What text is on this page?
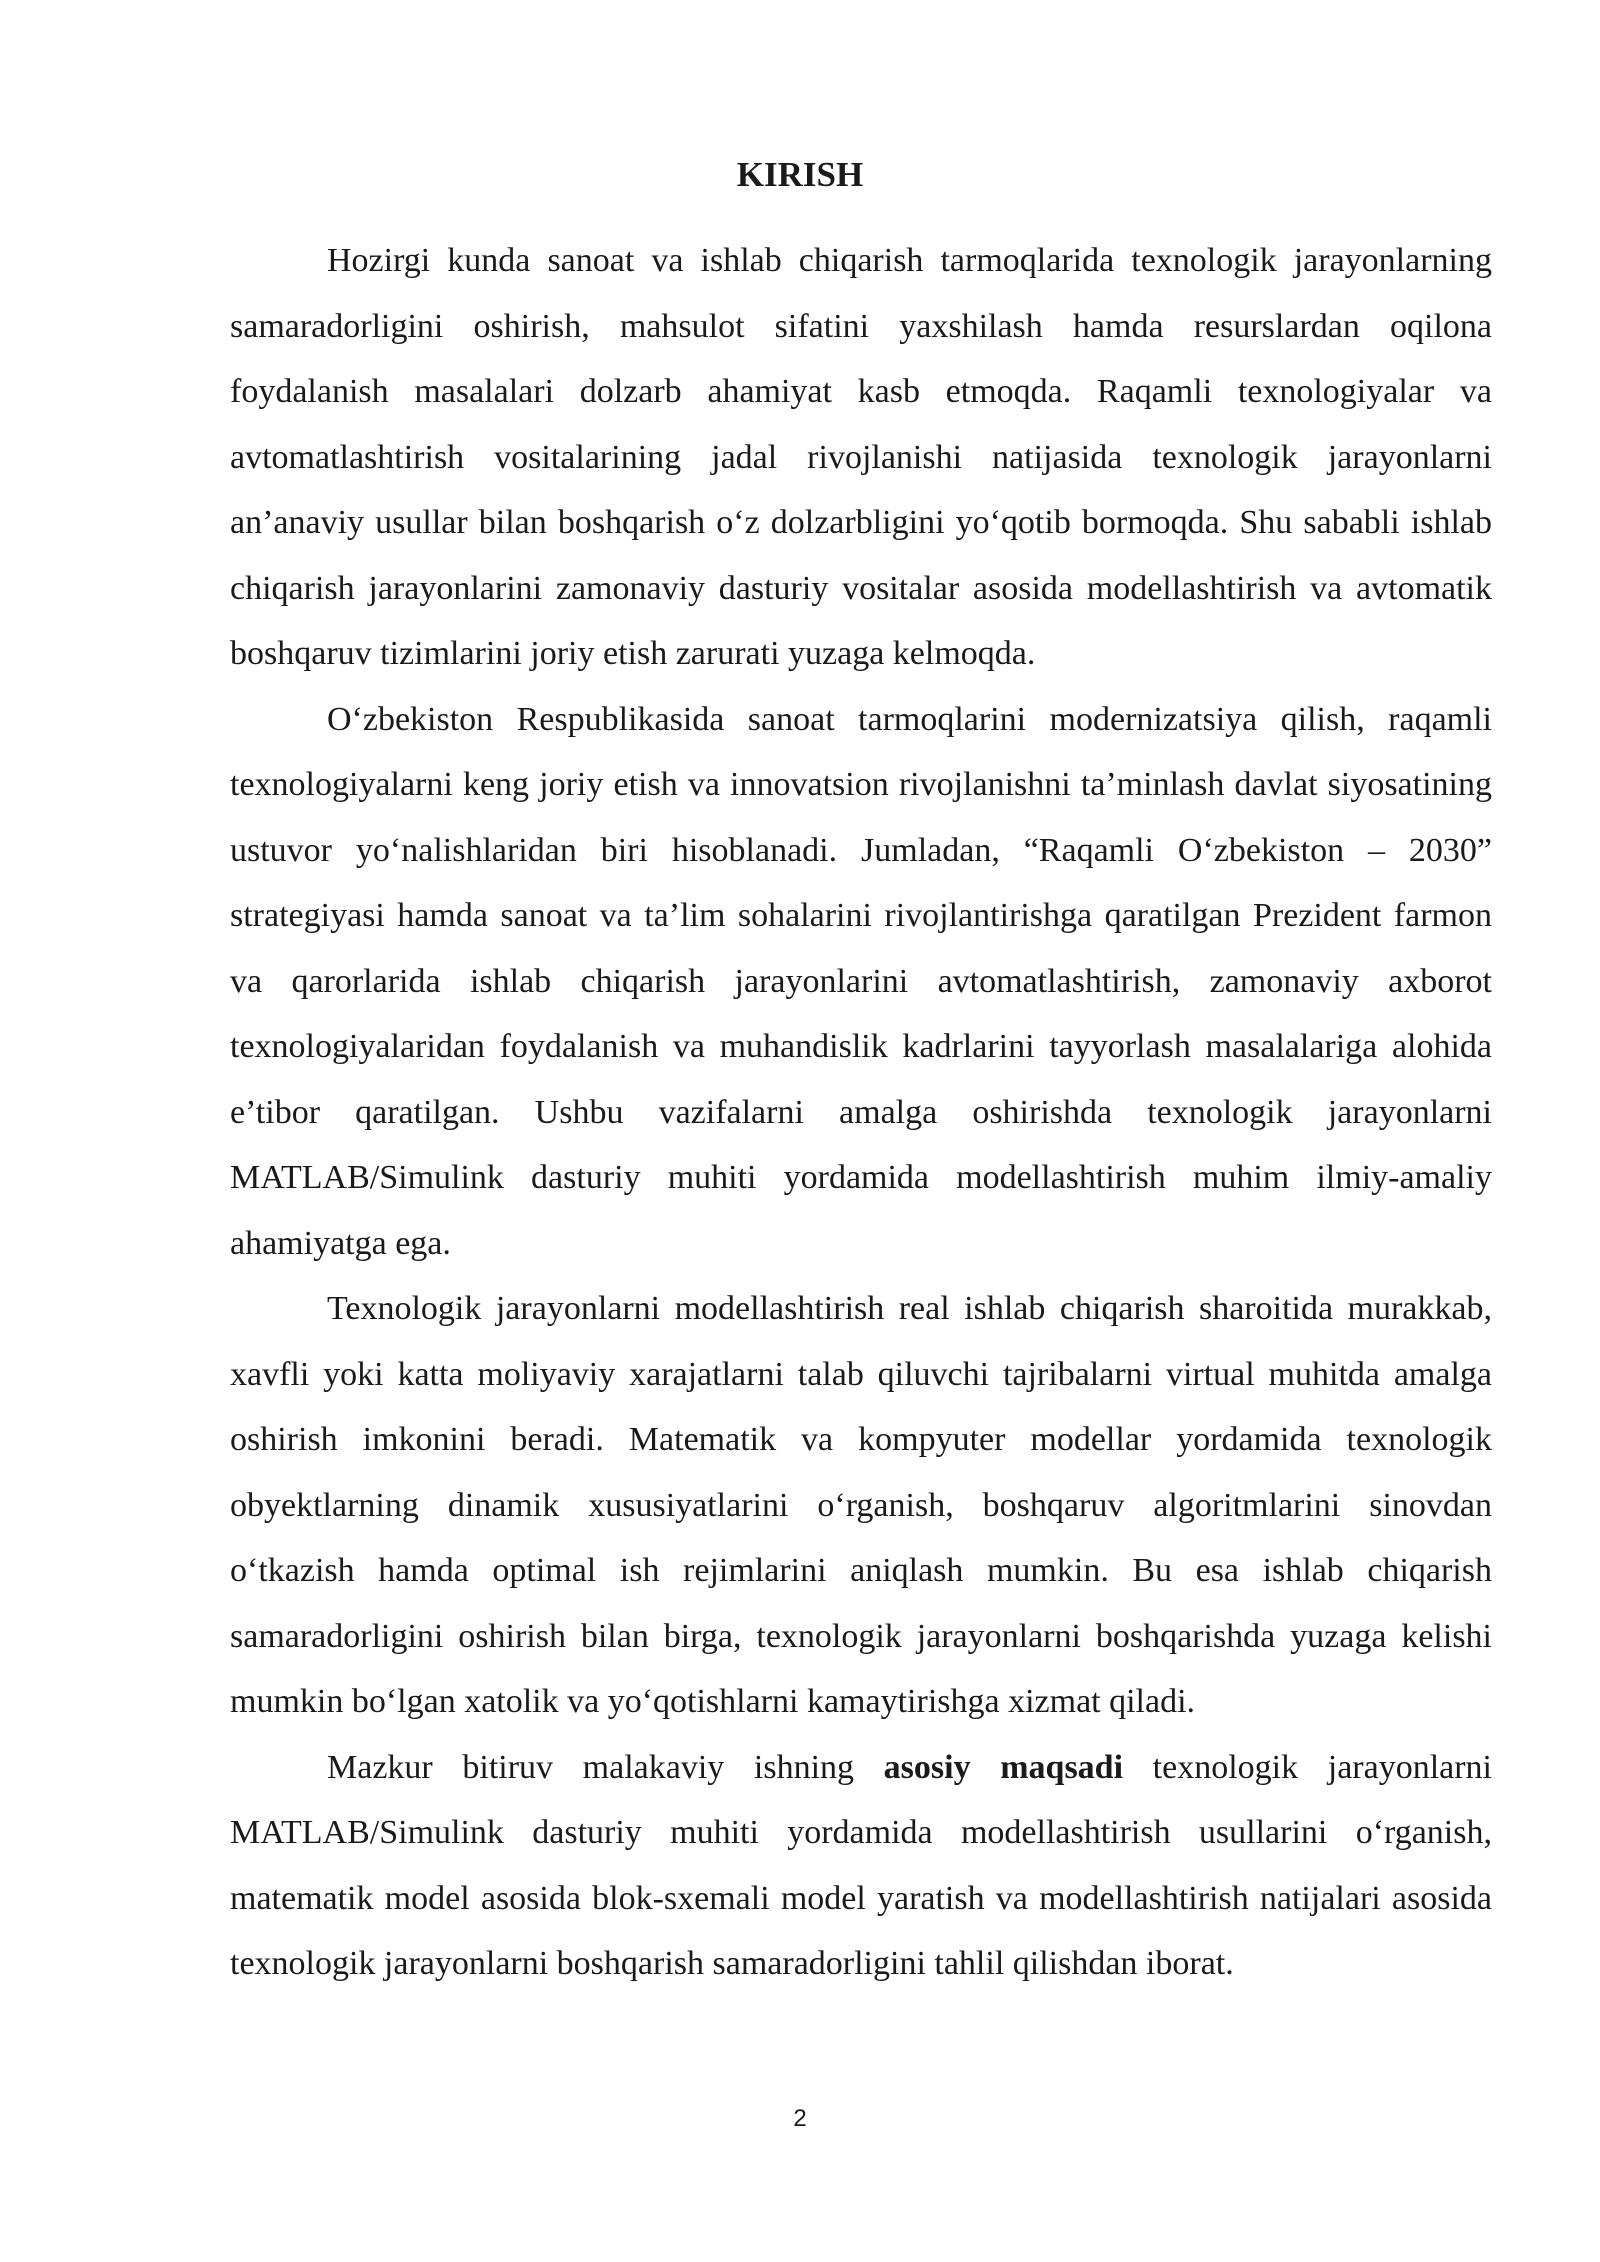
KIRISH

Hozirgi kunda sanoat va ishlab chiqarish tarmoqlarida texnologik jarayonlarning samaradorligini oshirish, mahsulot sifatini yaxshilash hamda resurslardan oqilona foydalanish masalalari dolzarb ahamiyat kasb etmoqda. Raqamli texnologiyalar va avtomatlashtirish vositalarining jadal rivojlanishi natijasida texnologik jarayonlarni an’anaviy usullar bilan boshqarish o‘z dolzarbligini yo‘qotib bormoqda. Shu sababli ishlab chiqarish jarayonlarini zamonaviy dasturiy vositalar asosida modellashtirish va avtomatik boshqaruv tizimlarini joriy etish zarurati yuzaga kelmoqda.

O‘zbekiston Respublikasida sanoat tarmoqlarini modernizatsiya qilish, raqamli texnologiyalarni keng joriy etish va innovatsion rivojlanishni ta’minlash davlat siyosatining ustuvor yo‘nalishlaridan biri hisoblanadi. Jumladan, “Raqamli O‘zbekiston – 2030” strategiyasi hamda sanoat va ta’lim sohalarini rivojlantirishga qaratilgan Prezident farmon va qarorlarida ishlab chiqarish jarayonlarini avtomatlashtirish, zamonaviy axborot texnologiyalaridan foydalanish va muhandislik kadrlarini tayyorlash masalalariga alohida e’tibor qaratilgan. Ushbu vazifalarni amalga oshirishda texnologik jarayonlarni MATLAB/Simulink dasturiy muhiti yordamida modellashtirish muhim ilmiy-amaliy ahamiyatga ega.

Texnologik jarayonlarni modellashtirish real ishlab chiqarish sharoitida murakkab, xavfli yoki katta moliyaviy xarajatlarni talab qiluvchi tajribalarni virtual muhitda amalga oshirish imkonini beradi. Matematik va kompyuter modellar yordamida texnologik obyektlarning dinamik xususiyatlarini o‘rganish, boshqaruv algoritmlarini sinovdan o‘tkazish hamda optimal ish rejimlarini aniqlash mumkin. Bu esa ishlab chiqarish samaradorligini oshirish bilan birga, texnologik jarayonlarni boshqarishda yuzaga kelishi mumkin bo‘lgan xatolik va yo‘qotishlarni kamaytirishga xizmat qiladi.

Mazkur bitiruv malakaviy ishning asosiy maqsadi texnologik jarayonlarni MATLAB/Simulink dasturiy muhiti yordamida modellashtirish usullarini o‘rganish, matematik model asosida blok-sxemali model yaratish va modellashtirish natijalari asosida texnologik jarayonlarni boshqarish samaradorligini tahlil qilishdan iborat.

2
